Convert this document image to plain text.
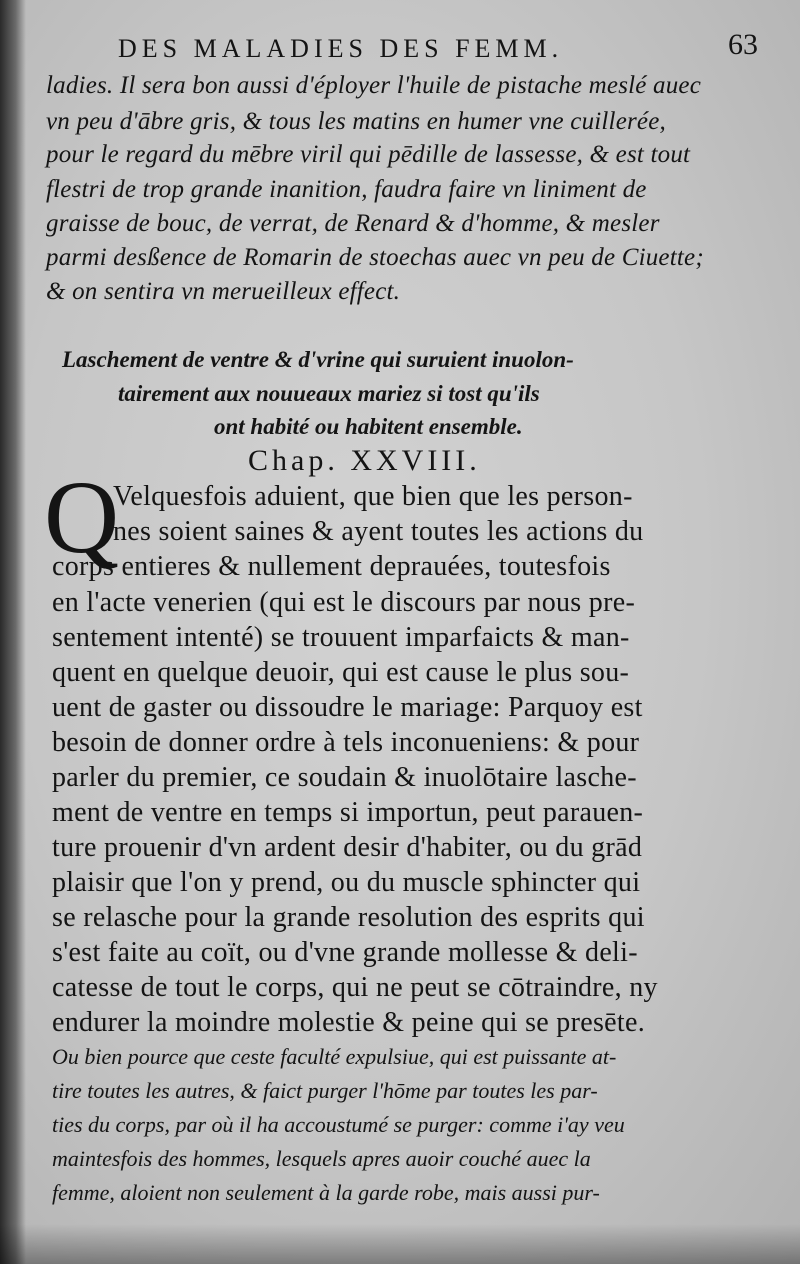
DES MALADIES DES FEMM.	63
ladies. Il sera bon aussi d'éployer l'huile de pistache meslé auec
vn peu d'ābre gris, & tous les matins en humer vne cuillerée,
pour le regard du mēbre viril qui pēdille de lassesse, & est tout
flestri de trop grande inanition, faudra faire vn liniment de
graisse de bouc, de verrat, de Renard & d'homme, & mesler
parmi desßence de Romarin de stoechas auec vn peu de Ciuette;
& on sentira vn merueilleux effect.
Laschement de ventre & d'vrine qui suruient inuolon-
tairement aux nouueaux mariez si tost qu'ils
ont habité ou habitent ensemble.
Chap. XXVIII.
Q
Velquesfois aduient, que bien que les person-
nes soient saines & ayent toutes les actions du
corps entieres & nullement deprauées, toutesfois
en l'acte venerien (qui est le discours par nous pre-
sentement intenté) se trouuent imparfaicts & man-
quent en quelque deuoir, qui est cause le plus sou-
uent de gaster ou dissoudre le mariage: Parquoy est
besoin de donner ordre à tels inconueniens: & pour
parler du premier, ce soudain & inuolōtaire lasche-
ment de ventre en temps si importun, peut parauen-
ture prouenir d'vn ardent desir d'habiter, ou du grād
plaisir que l'on y prend, ou du muscle sphincter qui
se relasche pour la grande resolution des esprits qui
s'est faite au coït, ou d'vne grande mollesse & deli-
catesse de tout le corps, qui ne peut se cōtraindre, ny
endurer la moindre molestie & peine qui se presēte.
Ou bien pource que ceste faculté expulsiue, qui est puissante at-
tire toutes les autres, & faict purger l'hōme par toutes les par-
ties du corps, par où il ha accoustumé se purger: comme i'ay veu
maintesfois des hommes, lesquels apres auoir couché auec la
femme, aloient non seulement à la garde robe, mais aussi pur-
